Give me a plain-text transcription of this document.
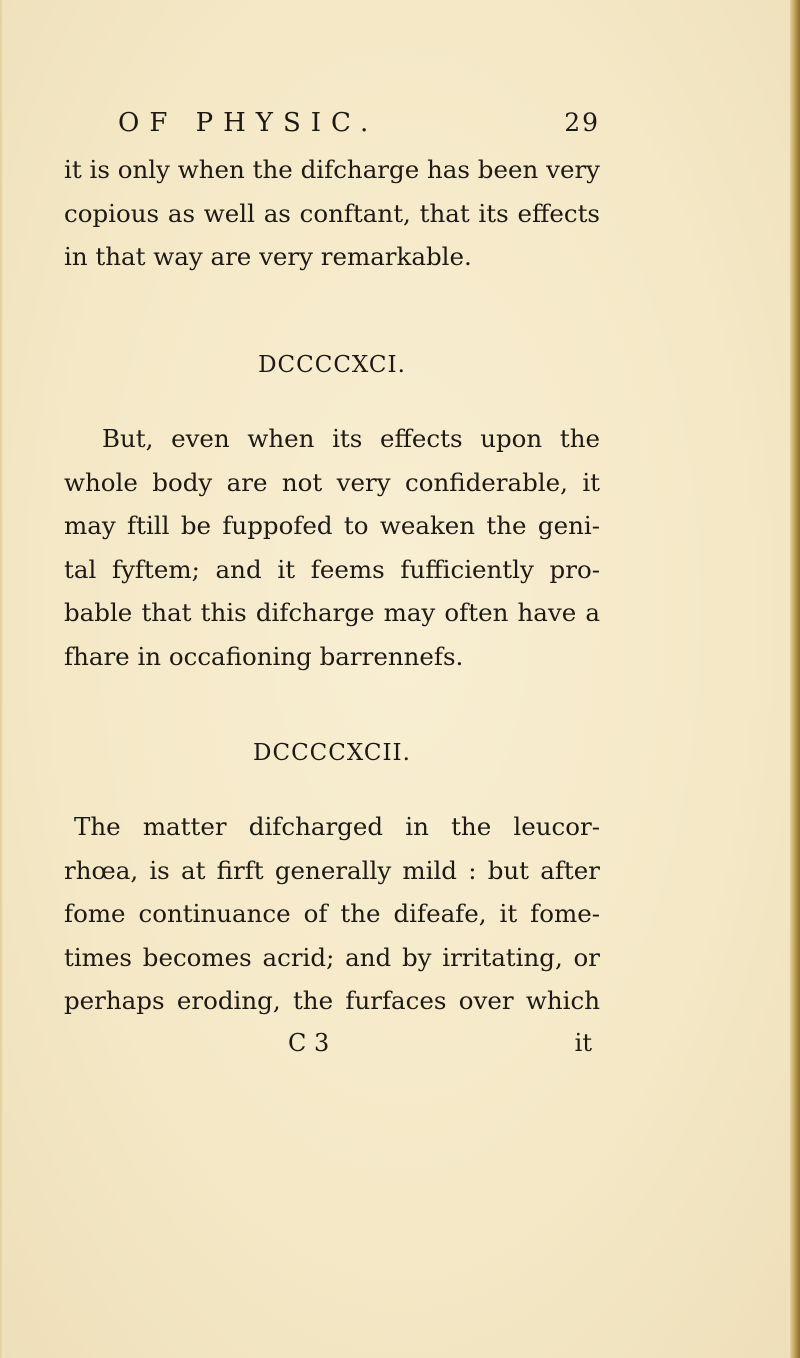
OF PHYSIC.	29
it is only when the difcharge has been very
copious as well as conftant, that its effects
in that way are very remarkable.
DCCCCXCI.
But, even when its effects upon the
whole body are not very confiderable, it
may ftill be fuppofed to weaken the geni-
tal fyftem; and it feems fufficiently pro-
bable that this difcharge may often have a
fhare in occafioning barrennefs.
DCCCCXCII.
The matter difcharged in the leucor-
rhœa, is at firft generally mild : but after
fome continuance of the difeafe, it fome-
times becomes acrid; and by irritating, or
perhaps eroding, the furfaces over which
C 3	it
